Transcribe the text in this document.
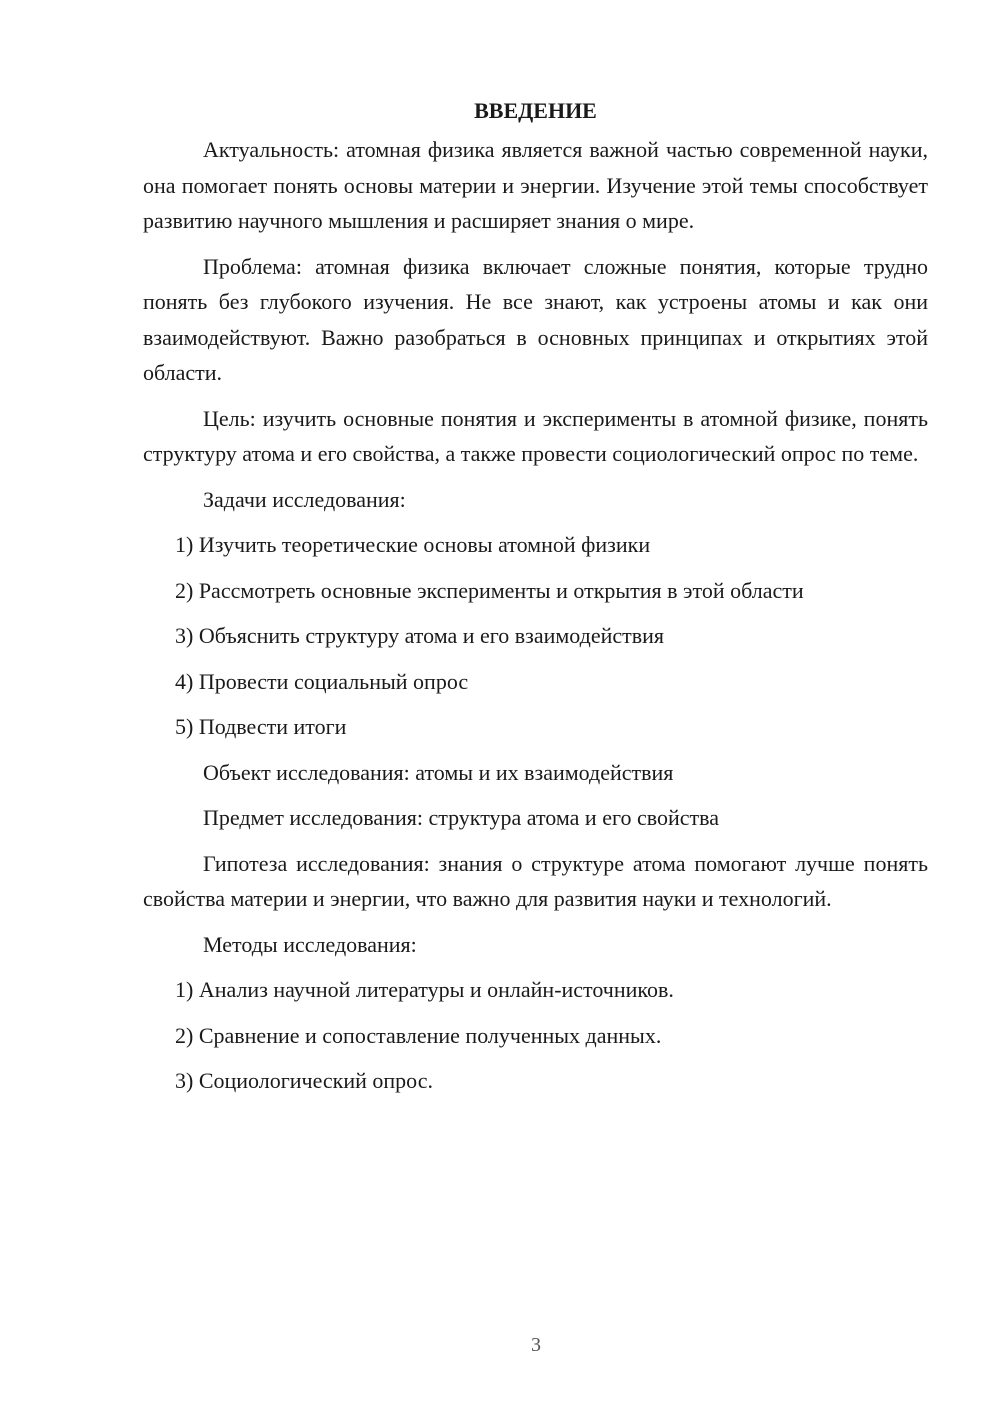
ВВЕДЕНИЕ

Актуальность: атомная физика является важной частью современной науки, она помогает понять основы материи и энергии. Изучение этой темы способствует развитию научного мышления и расширяет знания о мире.

Проблема: атомная физика включает сложные понятия, которые трудно понять без глубокого изучения. Не все знают, как устроены атомы и как они взаимодействуют. Важно разобраться в основных принципах и открытиях этой области.

Цель: изучить основные понятия и эксперименты в атомной физике, понять структуру атома и его свойства, а также провести социологический опрос по теме.

Задачи исследования:

1) Изучить теоретические основы атомной физики

2) Рассмотреть основные эксперименты и открытия в этой области

3) Объяснить структуру атома и его взаимодействия

4) Провести социальный опрос

5) Подвести итоги

Объект исследования: атомы и их взаимодействия

Предмет исследования: структура атома и его свойства

Гипотеза исследования: знания о структуре атома помогают лучше понять свойства материи и энергии, что важно для развития науки и технологий.

Методы исследования:

1) Анализ научной литературы и онлайн-источников.

2) Сравнение и сопоставление полученных данных.

3) Социологический опрос.

3
